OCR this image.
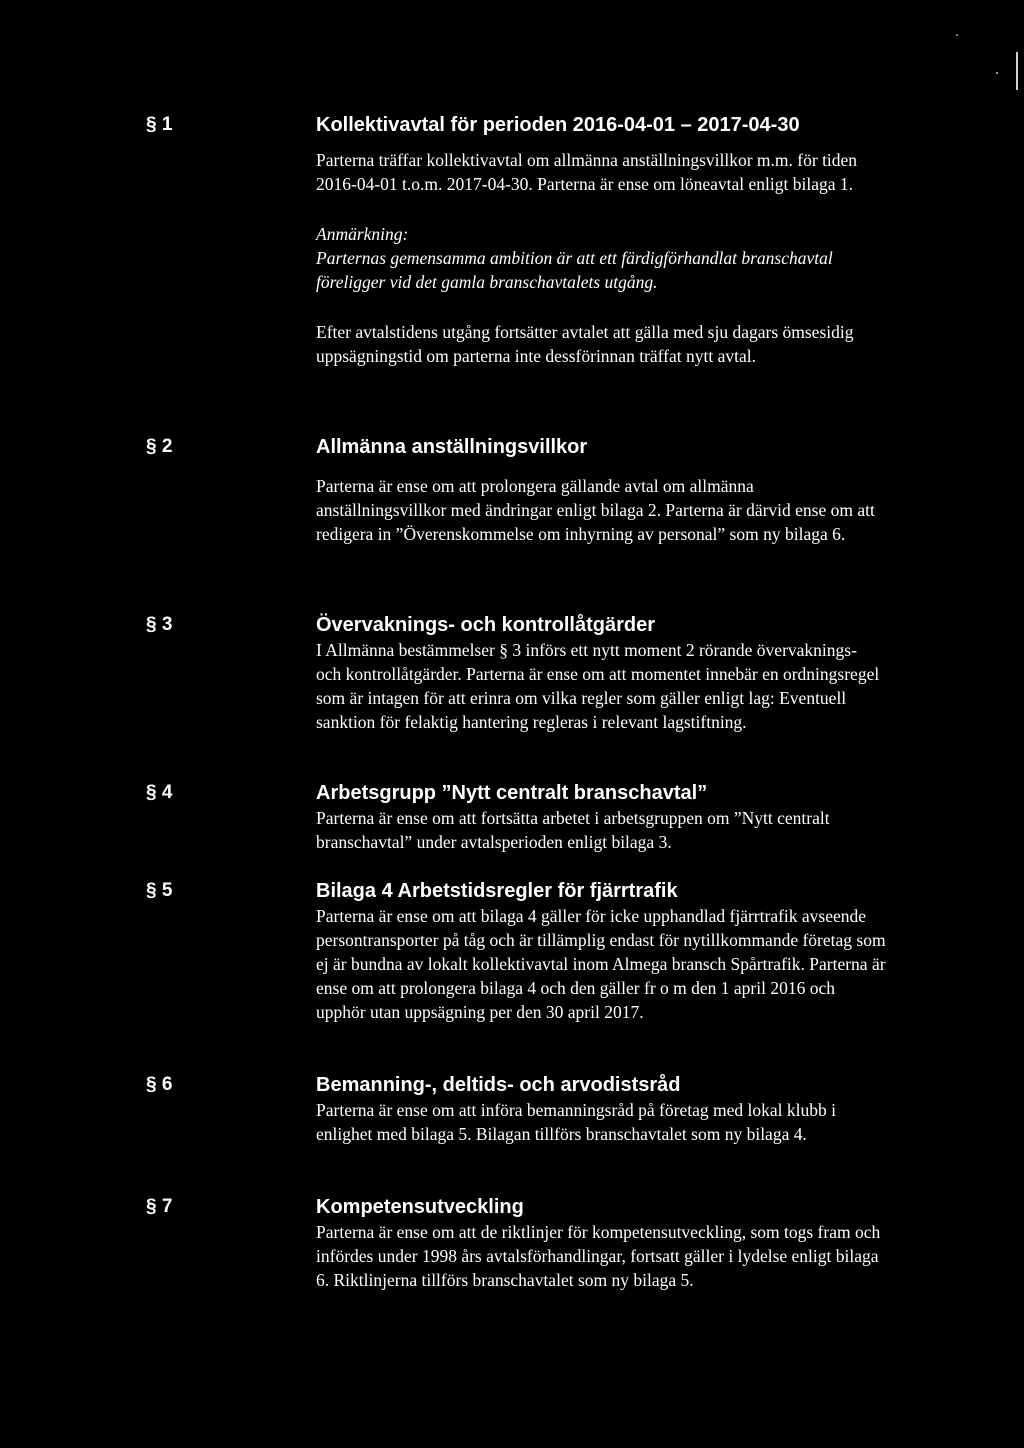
§ 1	Kollektivavtal för perioden 2016-04-01 – 2017-04-30

Parterna träffar kollektivavtal om allmänna anställningsvillkor m.m. för tiden 2016-04-01 t.o.m. 2017-04-30. Parterna är ense om löneavtal enligt bilaga 1.

Anmärkning:

Parternas gemensamma ambition är att ett färdigförhandlat branschavtal föreligger vid det gamla branschavtalets utgång.

Efter avtalstidens utgång fortsätter avtalet att gälla med sju dagars ömsesidig uppsägningstid om parterna inte dessförinnan träffat nytt avtal.

§ 2	Allmänna anställningsvillkor

Parterna är ense om att prolongera gällande avtal om allmänna anställningsvillkor med ändringar enligt bilaga 2. Parterna är därvid ense om att redigera in ”Överenskommelse om inhyrning av personal” som ny bilaga 6.

§ 3	Övervaknings- och kontrollåtgärder

I Allmänna bestämmelser § 3 införs ett nytt moment 2 rörande övervaknings- och kontrollåtgärder. Parterna är ense om att momentet innebär en ordningsregel som är intagen för att erinra om vilka regler som gäller enligt lag: Eventuell sanktion för felaktig hantering regleras i relevant lagstiftning.

§ 4	Arbetsgrupp ”Nytt centralt branschavtal”

Parterna är ense om att fortsätta arbetet i arbetsgruppen om ”Nytt centralt branschavtal” under avtalsperioden enligt bilaga 3.

§ 5	Bilaga 4 Arbetstidsregler för fjärrtrafik

Parterna är ense om att bilaga 4 gäller för icke upphandlad fjärrtrafik avseende persontransporter på tåg och är tillämplig endast för nytillkommande företag som ej är bundna av lokalt kollektivavtal inom Almega bransch Spårtrafik. Parterna är ense om att prolongera bilaga 4 och den gäller fr o m den 1 april 2016 och upphör utan uppsägning per den 30 april 2017.

§ 6	Bemanning-, deltids- och arvodistsråd

Parterna är ense om att införa bemanningsråd på företag med lokal klubb i enlighet med bilaga 5. Bilagan tillförs branschavtalet som ny bilaga 4.

§ 7	Kompetensutveckling

Parterna är ense om att de riktlinjer för kompetensutveckling, som togs fram och infördes under 1998 års avtalsförhandlingar, fortsatt gäller i lydelse enligt bilaga 6. Riktlinjerna tillförs branschavtalet som ny bilaga 5.
